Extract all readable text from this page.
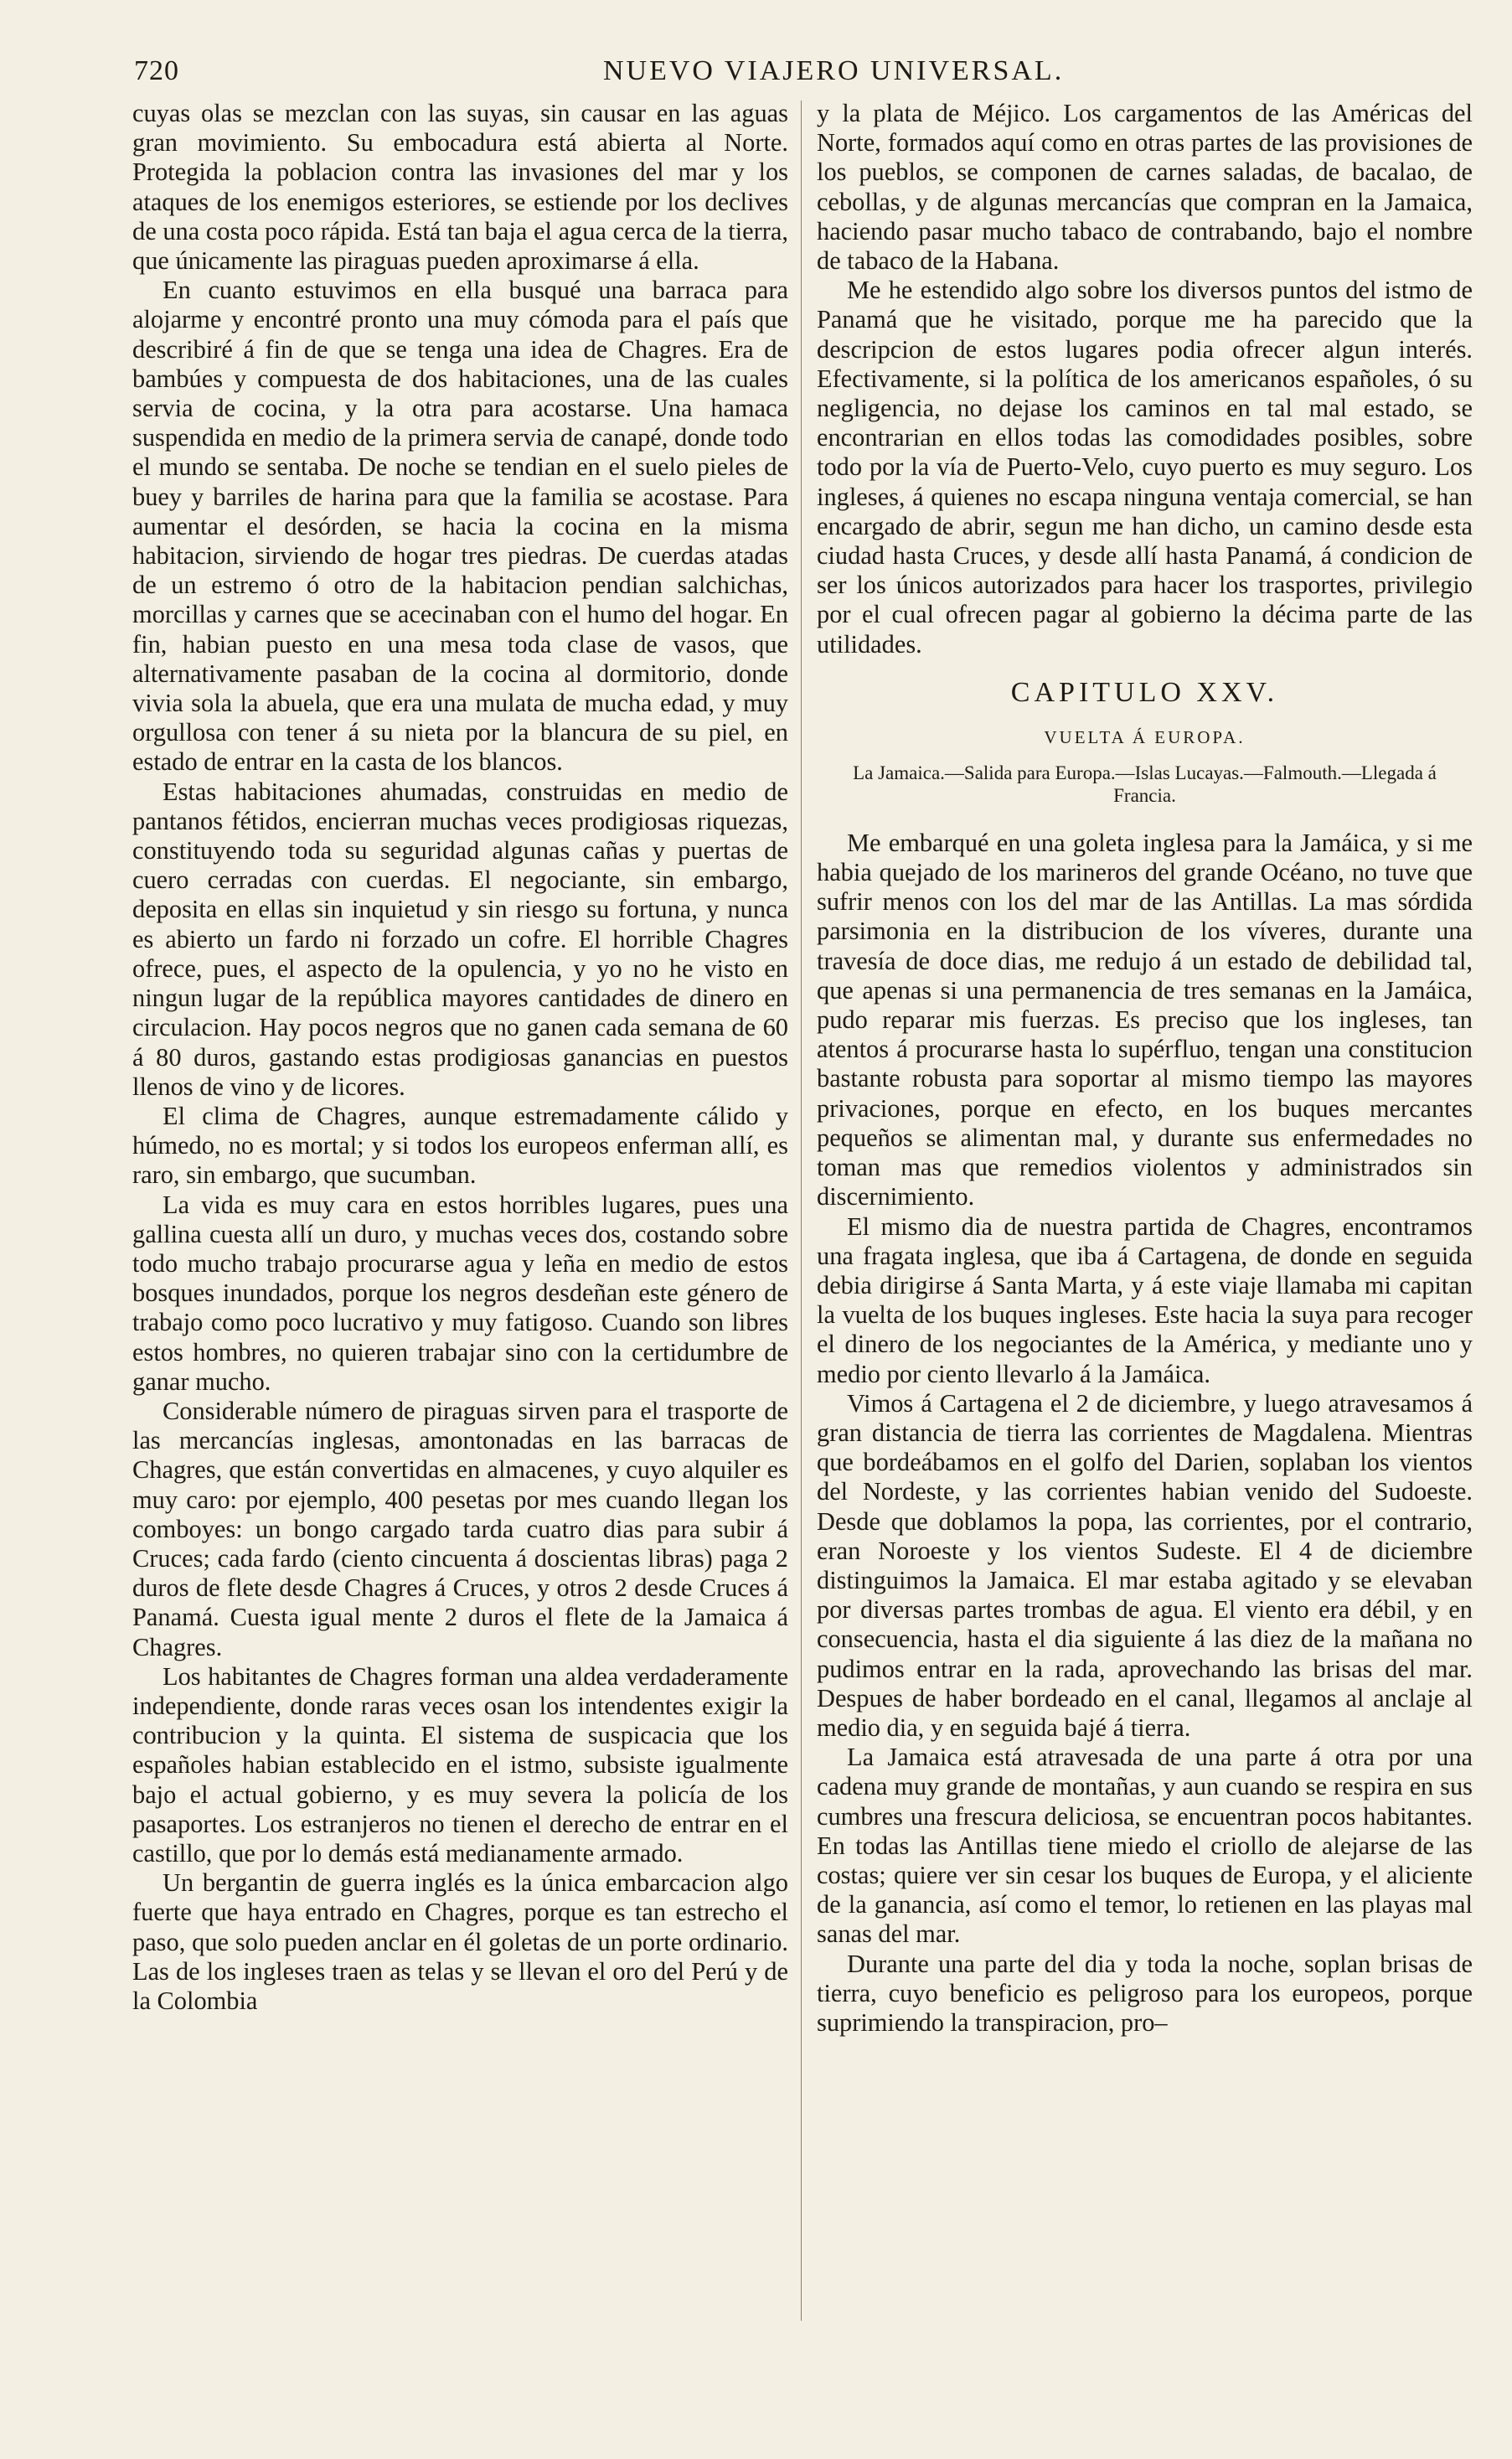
720	NUEVO VIAJERO UNIVERSAL.

cuyas olas se mezclan con las suyas, sin causar en las aguas gran movimiento. Su embocadura está abierta al Norte. Protegida la poblacion contra las invasiones del mar y los ataques de los enemigos esteriores, se estiende por los declives de una costa poco rápida. Está tan baja el agua cerca de la tierra, que únicamente las piraguas pueden aproximarse á ella.

En cuanto estuvimos en ella busqué una barraca para alojarme y encontré pronto una muy cómoda para el país que describiré á fin de que se tenga una idea de Chagres. Era de bambúes y compuesta de dos habitaciones, una de las cuales servia de cocina, y la otra para acostarse. Una hamaca suspendida en medio de la primera servia de canapé, donde todo el mundo se sentaba. De noche se tendian en el suelo pieles de buey y barriles de harina para que la familia se acostase. Para aumentar el desórden, se hacia la cocina en la misma habitacion, sirviendo de hogar tres piedras. De cuerdas atadas de un estremo ó otro de la habitacion pendian salchichas, morcillas y carnes que se acecinaban con el humo del hogar. En fin, habian puesto en una mesa toda clase de vasos, que alternativamente pasaban de la cocina al dormitorio, donde vivia sola la abuela, que era una mulata de mucha edad, y muy orgullosa con tener á su nieta por la blancura de su piel, en estado de entrar en la casta de los blancos.

Estas habitaciones ahumadas, construidas en medio de pantanos fétidos, encierran muchas veces prodigiosas riquezas, constituyendo toda su seguridad algunas cañas y puertas de cuero cerradas con cuerdas. El negociante, sin embargo, deposita en ellas sin inquietud y sin riesgo su fortuna, y nunca es abierto un fardo ni forzado un cofre. El horrible Chagres ofrece, pues, el aspecto de la opulencia, y yo no he visto en ningun lugar de la república mayores cantidades de dinero en circulacion. Hay pocos negros que no ganen cada semana de 60 á 80 duros, gastando estas prodigiosas ganancias en puestos llenos de vino y de licores.

El clima de Chagres, aunque estremadamente cálido y húmedo, no es mortal; y si todos los europeos enferman allí, es raro, sin embargo, que sucumban.

La vida es muy cara en estos horribles lugares, pues una gallina cuesta allí un duro, y muchas veces dos, costando sobre todo mucho trabajo procurarse agua y leña en medio de estos bosques inundados, porque los negros desdeñan este género de trabajo como poco lucrativo y muy fatigoso. Cuando son libres estos hombres, no quieren trabajar sino con la certidumbre de ganar mucho.

Considerable número de piraguas sirven para el trasporte de las mercancías inglesas, amontonadas en las barracas de Chagres, que están convertidas en almacenes, y cuyo alquiler es muy caro: por ejemplo, 400 pesetas por mes cuando llegan los comboyes: un bongo cargado tarda cuatro dias para subir á Cruces; cada fardo (ciento cincuenta á doscientas libras) paga 2 duros de flete desde Chagres á Cruces, y otros 2 desde Cruces á Panamá. Cuesta igual mente 2 duros el flete de la Jamaica á Chagres.

Los habitantes de Chagres forman una aldea verdaderamente independiente, donde raras veces osan los intendentes exigir la contribucion y la quinta. El sistema de suspicacia que los españoles habian establecido en el istmo, subsiste igualmente bajo el actual gobierno, y es muy severa la policía de los pasaportes. Los estranjeros no tienen el derecho de entrar en el castillo, que por lo demás está medianamente armado.

Un bergantin de guerra inglés es la única embarcacion algo fuerte que haya entrado en Chagres, porque es tan estrecho el paso, que solo pueden anclar en él goletas de un porte ordinario. Las de los ingleses traen as telas y se llevan el oro del Perú y de la Colombia

y la plata de Méjico. Los cargamentos de las Américas del Norte, formados aquí como en otras partes de las provisiones de los pueblos, se componen de carnes saladas, de bacalao, de cebollas, y de algunas mercancías que compran en la Jamaica, haciendo pasar mucho tabaco de contrabando, bajo el nombre de tabaco de la Habana.

Me he estendido algo sobre los diversos puntos del istmo de Panamá que he visitado, porque me ha parecido que la descripcion de estos lugares podia ofrecer algun interés. Efectivamente, si la política de los americanos españoles, ó su negligencia, no dejase los caminos en tal mal estado, se encontrarian en ellos todas las comodidades posibles, sobre todo por la vía de Puerto-Velo, cuyo puerto es muy seguro. Los ingleses, á quienes no escapa ninguna ventaja comercial, se han encargado de abrir, segun me han dicho, un camino desde esta ciudad hasta Cruces, y desde allí hasta Panamá, á condicion de ser los únicos autorizados para hacer los trasportes, privilegio por el cual ofrecen pagar al gobierno la décima parte de las utilidades.

CAPITULO XXV.
VUELTA Á EUROPA.
La Jamaica.—Salida para Europa.—Islas Lucayas.—Falmouth.—Llegada á Francia.

Me embarqué en una goleta inglesa para la Jamáica, y si me habia quejado de los marineros del grande Océano, no tuve que sufrir menos con los del mar de las Antillas. La mas sórdida parsimonia en la distribucion de los víveres, durante una travesía de doce dias, me redujo á un estado de debilidad tal, que apenas si una permanencia de tres semanas en la Jamáica, pudo reparar mis fuerzas. Es preciso que los ingleses, tan atentos á procurarse hasta lo supérfluo, tengan una constitucion bastante robusta para soportar al mismo tiempo las mayores privaciones, porque en efecto, en los buques mercantes pequeños se alimentan mal, y durante sus enfermedades no toman mas que remedios violentos y administrados sin discernimiento.

El mismo dia de nuestra partida de Chagres, encontramos una fragata inglesa, que iba á Cartagena, de donde en seguida debia dirigirse á Santa Marta, y á este viaje llamaba mi capitan la vuelta de los buques ingleses. Este hacia la suya para recoger el dinero de los negociantes de la América, y mediante uno y medio por ciento llevarlo á la Jamáica.

Vimos á Cartagena el 2 de diciembre, y luego atravesamos á gran distancia de tierra las corrientes de Magdalena. Mientras que bordeábamos en el golfo del Darien, soplaban los vientos del Nordeste, y las corrientes habian venido del Sudoeste. Desde que doblamos la popa, las corrientes, por el contrario, eran Noroeste y los vientos Sudeste. El 4 de diciembre distinguimos la Jamaica. El mar estaba agitado y se elevaban por diversas partes trombas de agua. El viento era débil, y en consecuencia, hasta el dia siguiente á las diez de la mañana no pudimos entrar en la rada, aprovechando las brisas del mar. Despues de haber bordeado en el canal, llegamos al anclaje al medio dia, y en seguida bajé á tierra.

La Jamaica está atravesada de una parte á otra por una cadena muy grande de montañas, y aun cuando se respira en sus cumbres una frescura deliciosa, se encuentran pocos habitantes. En todas las Antillas tiene miedo el criollo de alejarse de las costas; quiere ver sin cesar los buques de Europa, y el aliciente de la ganancia, así como el temor, lo retienen en las playas mal sanas del mar.

Durante una parte del dia y toda la noche, soplan brisas de tierra, cuyo beneficio es peligroso para los europeos, porque suprimiendo la transpiracion, pro–
